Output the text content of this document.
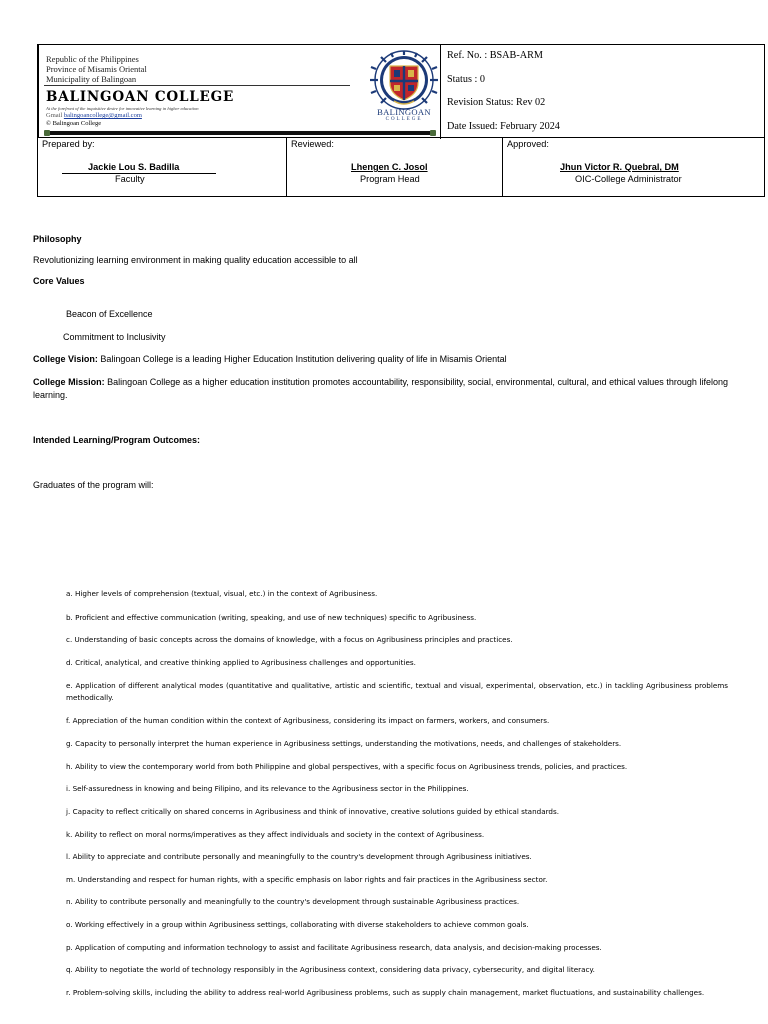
Republic of the Philippines
Province of Misamis Oriental
Municipality of Balingoan
BALINGOAN COLLEGE
At the forefront of the inquisitive desire for innovative learning in higher education
Gmail balingoancollege@gmail.com
© Balingoan College
BALINGOAN
COLLEGE
Ref. No. : BSAB-ARM
Status : 0
Revision Status: Rev 02
Date Issued: February 2024
Prepared by:
Jackie Lou S. Badilla
Faculty
Reviewed:
Lhengen C. Josol
Program Head
Approved:
Jhun Victor R. Quebral, DM
OIC-College Administrator
Philosophy
Revolutionizing learning environment in making quality education accessible to all
Core Values
Beacon of Excellence
Commitment to Inclusivity
College Vision: Balingoan College is a leading Higher Education Institution delivering quality of life in Misamis Oriental
College Mission: Balingoan College as a higher education institution promotes accountability, responsibility, social, environmental, cultural, and ethical values through lifelong learning.
Intended Learning/Program Outcomes:
Graduates of the program will:
a. Higher levels of comprehension (textual, visual, etc.) in the context of Agribusiness.
b. Proficient and effective communication (writing, speaking, and use of new techniques) specific to Agribusiness.
c. Understanding of basic concepts across the domains of knowledge, with a focus on Agribusiness principles and practices.
d. Critical, analytical, and creative thinking applied to Agribusiness challenges and opportunities.
e. Application of different analytical modes (quantitative and qualitative, artistic and scientific, textual and visual, experimental, observation, etc.) in tackling Agribusiness problems methodically.
f. Appreciation of the human condition within the context of Agribusiness, considering its impact on farmers, workers, and consumers.
g. Capacity to personally interpret the human experience in Agribusiness settings, understanding the motivations, needs, and challenges of stakeholders.
h. Ability to view the contemporary world from both Philippine and global perspectives, with a specific focus on Agribusiness trends, policies, and practices.
i. Self-assuredness in knowing and being Filipino, and its relevance to the Agribusiness sector in the Philippines.
j. Capacity to reflect critically on shared concerns in Agribusiness and think of innovative, creative solutions guided by ethical standards.
k. Ability to reflect on moral norms/imperatives as they affect individuals and society in the context of Agribusiness.
l. Ability to appreciate and contribute personally and meaningfully to the country's development through Agribusiness initiatives.
m. Understanding and respect for human rights, with a specific emphasis on labor rights and fair practices in the Agribusiness sector.
n. Ability to contribute personally and meaningfully to the country's development through sustainable Agribusiness practices.
o. Working effectively in a group within Agribusiness settings, collaborating with diverse stakeholders to achieve common goals.
p. Application of computing and information technology to assist and facilitate Agribusiness research, data analysis, and decision-making processes.
q. Ability to negotiate the world of technology responsibly in the Agribusiness context, considering data privacy, cybersecurity, and digital literacy.
r. Problem-solving skills, including the ability to address real-world Agribusiness problems, such as supply chain management, market fluctuations, and sustainability challenges.
